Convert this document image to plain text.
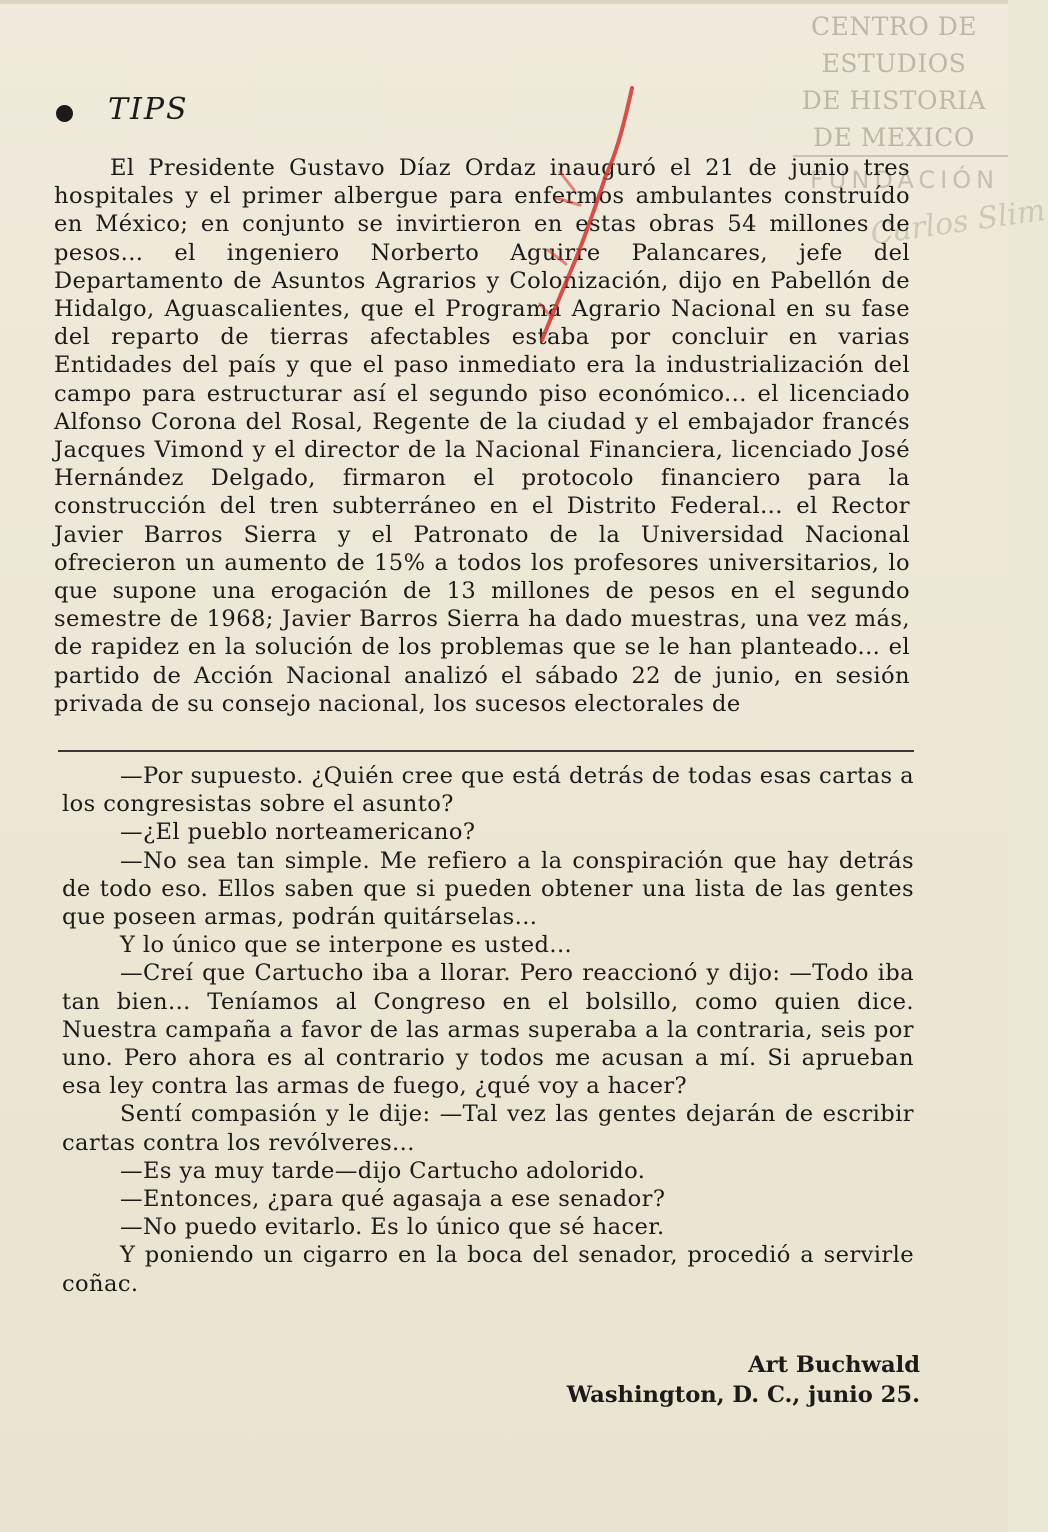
CENTRO DE
ESTUDIOS
DE HISTORIA
DE MEXICO
FUNDACIÓN
Carlos Slim
TIPS
El Presidente Gustavo Díaz Ordaz inauguró el 21 de junio tres hospitales y el primer albergue para enfermos ambulantes construído en México; en conjunto se invirtieron en estas obras 54 millones de pesos... el ingeniero Norberto Aguirre Palancares, jefe del Departamento de Asuntos Agrarios y Colonización, dijo en Pabellón de Hidalgo, Aguascalientes, que el Programa Agrario Nacional en su fase del reparto de tierras afectables estaba por concluir en varias Entidades del país y que el paso inmediato era la industrialización del campo para estructurar así el segundo piso económico... el licenciado Alfonso Corona del Rosal, Regente de la ciudad y el embajador francés Jacques Vimond y el director de la Nacional Financiera, licenciado José Hernández Delgado, firmaron el protocolo financiero para la construcción del tren subterráneo en el Distrito Federal... el Rector Javier Barros Sierra y el Patronato de la Universidad Nacional ofrecieron un aumento de 15% a todos los profesores universitarios, lo que supone una erogación de 13 millones de pesos en el segundo semestre de 1968; Javier Barros Sierra ha dado muestras, una vez más, de rapidez en la solución de los problemas que se le han planteado... el partido de Acción Nacional analizó el sábado 22 de junio, en sesión privada de su consejo nacional, los sucesos electorales de

—Por supuesto. ¿Quién cree que está detrás de todas esas cartas a los congresistas sobre el asunto?

—¿El pueblo norteamericano?

—No sea tan simple. Me refiero a la conspiración que hay detrás de todo eso. Ellos saben que si pueden obtener una lista de las gentes que poseen armas, podrán quitárselas...

Y lo único que se interpone es usted...

—Creí que Cartucho iba a llorar. Pero reaccionó y dijo: —Todo iba tan bien... Teníamos al Congreso en el bolsillo, como quien dice. Nuestra campaña a favor de las armas superaba a la contraria, seis por uno. Pero ahora es al contrario y todos me acusan a mí. Si aprueban esa ley contra las armas de fuego, ¿qué voy a hacer?

Sentí compasión y le dije: —Tal vez las gentes dejarán de escribir cartas contra los revólveres...

—Es ya muy tarde—dijo Cartucho adolorido.

—Entonces, ¿para qué agasaja a ese senador?

—No puedo evitarlo. Es lo único que sé hacer.

Y poniendo un cigarro en la boca del senador, procedió a servirle coñac.

Art Buchwald
Washington, D. C., junio 25.
